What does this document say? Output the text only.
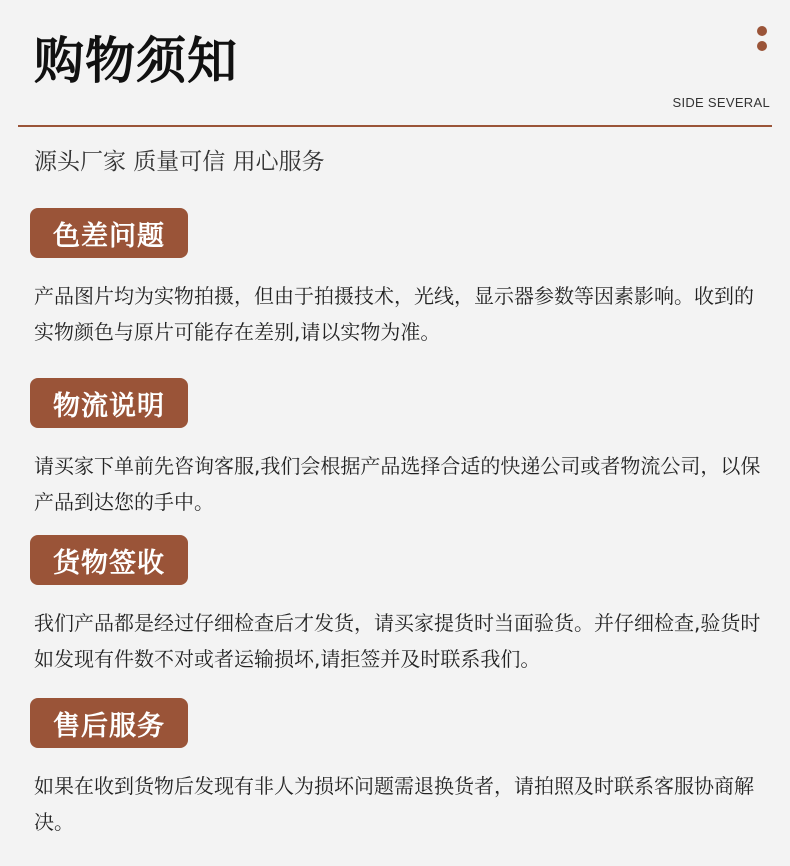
购物须知
SIDE SEVERAL
源头厂家 质量可信 用心服务
色差问题
产品图片均为实物拍摄，但由于拍摄技术，光线，显示器参数等因素影响。收到的实物颜色与原片可能存在差别,请以实物为准。
物流说明
请买家下单前先咨询客服,我们会根据产品选择合适的快递公司或者物流公司，以保产品到达您的手中。
货物签收
我们产品都是经过仔细检查后才发货，请买家提货时当面验货。并仔细检查,验货时如发现有件数不对或者运输损坏,请拒签并及时联系我们。
售后服务
如果在收到货物后发现有非人为损坏问题需退换货者，请拍照及时联系客服协商解决。
